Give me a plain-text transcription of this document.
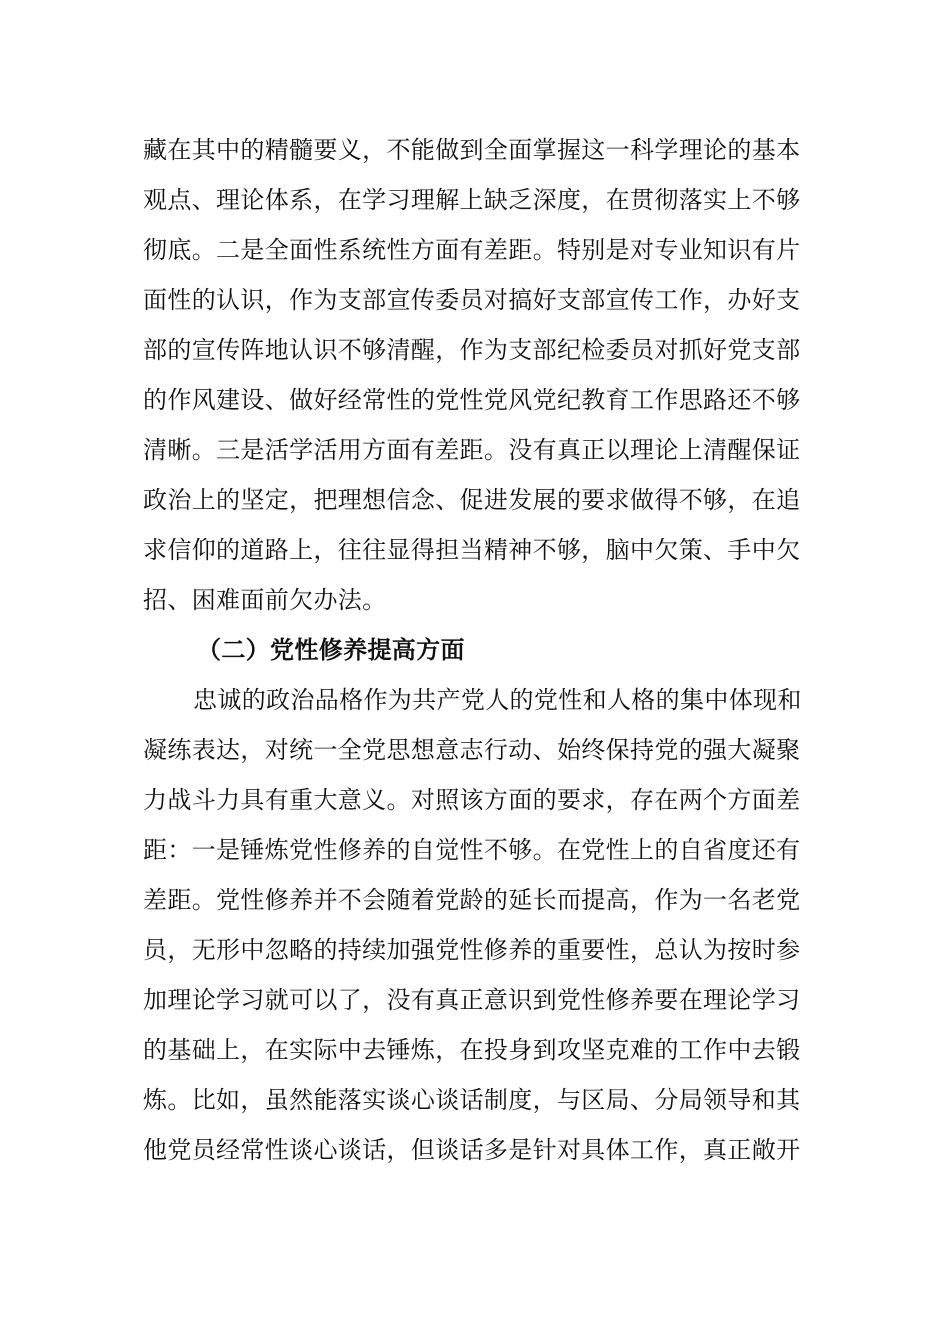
藏在其中的精髓要义，不能做到全面掌握这一科学理论的基本
观点、理论体系，在学习理解上缺乏深度，在贯彻落实上不够
彻底。二是全面性系统性方面有差距。特别是对专业知识有片
面性的认识，作为支部宣传委员对搞好支部宣传工作，办好支
部的宣传阵地认识不够清醒，作为支部纪检委员对抓好党支部
的作风建设、做好经常性的党性党风党纪教育工作思路还不够
清晰。三是活学活用方面有差距。没有真正以理论上清醒保证
政治上的坚定，把理想信念、促进发展的要求做得不够，在追
求信仰的道路上，往往显得担当精神不够，脑中欠策、手中欠
招、困难面前欠办法。
（二）党性修养提高方面
忠诚的政治品格作为共产党人的党性和人格的集中体现和
凝练表达，对统一全党思想意志行动、始终保持党的强大凝聚
力战斗力具有重大意义。对照该方面的要求，存在两个方面差
距：一是锤炼党性修养的自觉性不够。在党性上的自省度还有
差距。党性修养并不会随着党龄的延长而提高，作为一名老党
员，无形中忽略的持续加强党性修养的重要性，总认为按时参
加理论学习就可以了，没有真正意识到党性修养要在理论学习
的基础上，在实际中去锤炼，在投身到攻坚克难的工作中去锻
炼。比如，虽然能落实谈心谈话制度，与区局、分局领导和其
他党员经常性谈心谈话，但谈话多是针对具体工作，真正敞开
